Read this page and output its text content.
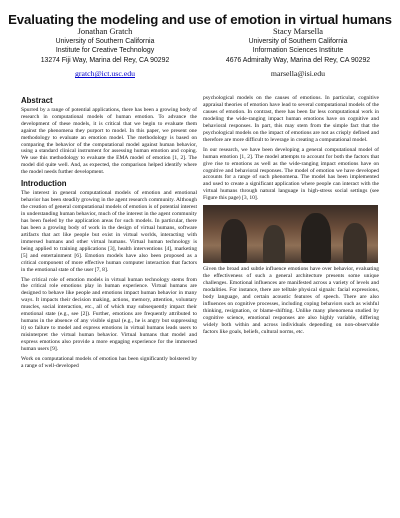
Evaluating the modeling and use of emotion in virtual humans
Jonathan Gratch
University of Southern California
Institute for Creative Technology
13274 Fiji Way, Marina del Rey, CA 90292
gratch@ict.usc.edu
Stacy Marsella
University of Southern California
Information Sciences Institute
4676 Admiralty Way, Marina del Rey, CA 90292
marsella@isi.edu
Abstract

Spurred by a range of potential applications, there has been a growing body of research in computational models of human emotion. To advance the development of these models, it is critical that we begin to evaluate them against the phenomena they purport to model. In this paper, we present one methodology to evaluate an emotion model. The methodology is based on comparing the behavior of the computational model against human behavior, using a standard clinical instrument for assessing human emotion and coping. We use this methodology to evaluate the EMA model of emotion [1, 2]. The model did quite well. And, as expected, the comparison helped identify where the model needs further development.

Introduction

The interest in general computational models of emotion and emotional behavior has been steadily growing in the agent research community. Although the creation of general computational models of emotion is of potential interest in understanding human behavior, much of the interest in the agent community has been fueled by the application areas for such models. In particular, there has been a growing body of work in the design of virtual humans, software artifacts that act like people but exist in virtual worlds, interacting with immersed humans and other virtual humans. Virtual human technology is being applied to training applications [3], health interventions [4], marketing [5] and entertainment [6]. Emotion models have also been proposed as a critical component of more effective human computer interaction that factors in the emotional state of the user [7, 8].

The critical role of emotion models in virtual human technology stems from the critical role emotions play in human experience. Virtual humans are designed to behave like people and emotions impact human behavior in many ways. It impacts their decision making, actions, memory, attention, voluntary muscles, social interaction, etc., all of which may subsequently impact their emotional state (e.g., see [2]). Further, emotions are frequently attributed to humans in the absence of any visible signal (e.g., he is angry but suppressing it) so failure to model and express emotions in virtual humans leads users to misinterpret the virtual human behavior. Virtual humans that model and express emotions also provide a more engaging experience for the immersed human users [9].

Work on computational models of emotion has been significantly bolstered by a range of well-developed

psychological models on the causes of emotions. In particular, cognitive appraisal theories of emotion have lead to several computational models of the causes of emotion. In contrast, there has been far less computational work in modeling the wide-ranging impact human emotions have on cognitive and behavioral responses. In part, this may stem from the simple fact that the psychological models on the impact of emotions are not as crisply defined and therefore are more difficult to leverage in creating a computational model.

In our research, we have been developing a general computational model of human emotion [1, 2]. The model attempts to account for both the factors that give rise to emotions as well as the wide-ranging impact emotions have on cognitive and behavioral responses. The model of emotion we have developed accounts for a range of such phenomena. The model has been implemented and used to create a significant application where people can interact with the virtual humans through natural language in high-stress social settings (see Figure this page) [3, 10].

Given the broad and subtle influence emotions have over behavior, evaluating the effectiveness of such a general architecture presents some unique challenges. Emotional influences are manifested across a variety of levels and modalities. For instance, there are telltale physical signals: facial expressions, body language, and certain acoustic features of speech. There are also influences on cognitive processes, including coping behaviors such as wishful thinking, resignation, or blame-shifting. Unlike many phenomena studied by cognitive science, emotional responses are also highly variable, differing widely both within and across individuals depending on non-observable factors like goals, beliefs, cultural norms, etc.
